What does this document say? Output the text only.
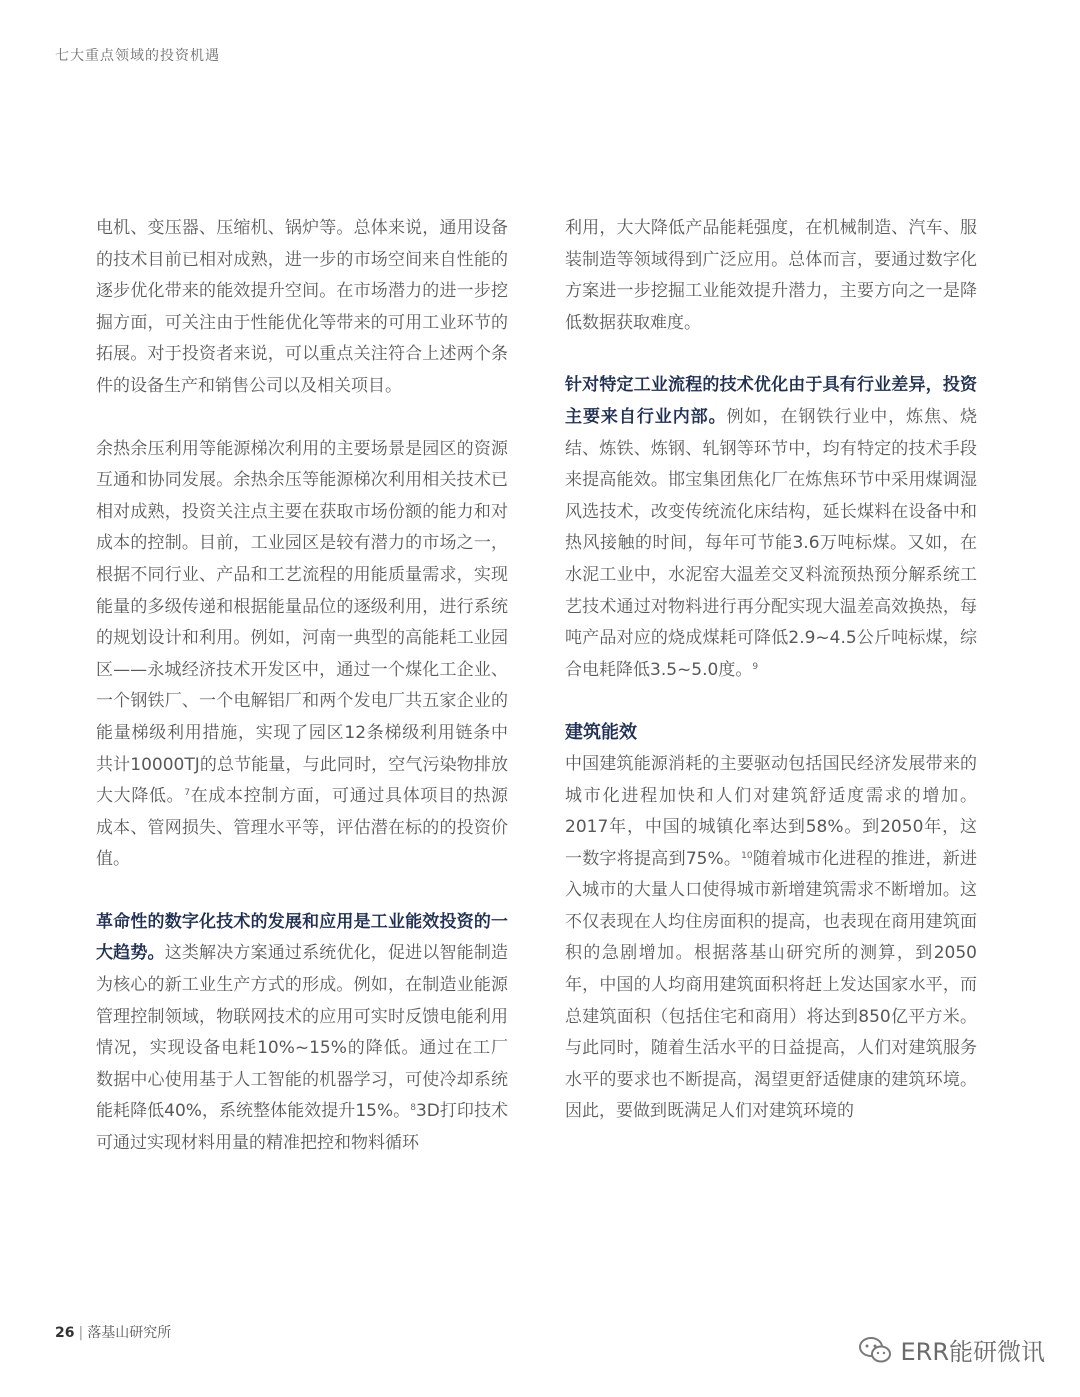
七大重点领域的投资机遇

电机、变压器、压缩机、锅炉等。总体来说，通用设备的技术目前已相对成熟，进一步的市场空间来自性能的逐步优化带来的能效提升空间。在市场潜力的进一步挖掘方面，可关注由于性能优化等带来的可用工业环节的拓展。对于投资者来说，可以重点关注符合上述两个条件的设备生产和销售公司以及相关项目。

余热余压利用等能源梯次利用的主要场景是园区的资源互通和协同发展。余热余压等能源梯次利用相关技术已相对成熟，投资关注点主要在获取市场份额的能力和对成本的控制。目前，工业园区是较有潜力的市场之一，根据不同行业、产品和工艺流程的用能质量需求，实现能量的多级传递和根据能量品位的逐级利用，进行系统的规划设计和利用。例如，河南一典型的高能耗工业园区——永城经济技术开发区中，通过一个煤化工企业、一个钢铁厂、一个电解铝厂和两个发电厂共五家企业的能量梯级利用措施，实现了园区12条梯级利用链条中共计10000TJ的总节能量，与此同时，空气污染物排放大大降低。$^7$在成本控制方面，可通过具体项目的热源成本、管网损失、管理水平等，评估潜在标的的投资价值。

革命性的数字化技术的发展和应用是工业能效投资的一大趋势。这类解决方案通过系统优化，促进以智能制造为核心的新工业生产方式的形成。例如，在制造业能源管理控制领域，物联网技术的应用可实时反馈电能利用情况，实现设备电耗10%~15%的降低。通过在工厂数据中心使用基于人工智能的机器学习，可使冷却系统能耗降低40%，系统整体能效提升15%。$^8$3D打印技术可通过实现材料用量的精准把控和物料循环

利用，大大降低产品能耗强度，在机械制造、汽车、服装制造等领域得到广泛应用。总体而言，要通过数字化方案进一步挖掘工业能效提升潜力，主要方向之一是降低数据获取难度。

针对特定工业流程的技术优化由于具有行业差异，投资主要来自行业内部。例如，在钢铁行业中，炼焦、烧结、炼铁、炼钢、轧钢等环节中，均有特定的技术手段来提高能效。邯宝集团焦化厂在炼焦环节中采用煤调湿风选技术，改变传统流化床结构，延长煤料在设备中和热风接触的时间，每年可节能3.6万吨标煤。又如，在水泥工业中，水泥窑大温差交叉料流预热预分解系统工艺技术通过对物料进行再分配实现大温差高效换热，每吨产品对应的烧成煤耗可降低2.9~4.5公斤吨标煤，综合电耗降低3.5~5.0度。$^9$

建筑能效

中国建筑能源消耗的主要驱动包括国民经济发展带来的城市化进程加快和人们对建筑舒适度需求的增加。2017年，中国的城镇化率达到58%。到2050年，这一数字将提高到75%。$^{10}$随着城市化进程的推进，新进入城市的大量人口使得城市新增建筑需求不断增加。这不仅表现在人均住房面积的提高，也表现在商用建筑面积的急剧增加。根据落基山研究所的测算，到2050年，中国的人均商用建筑面积将赶上发达国家水平，而总建筑面积（包括住宅和商用）将达到850亿平方米。与此同时，随着生活水平的日益提高，人们对建筑服务水平的要求也不断提高，渴望更舒适健康的建筑环境。因此，要做到既满足人们对建筑环境的

26 | 落基山研究所
ERR能研微讯
